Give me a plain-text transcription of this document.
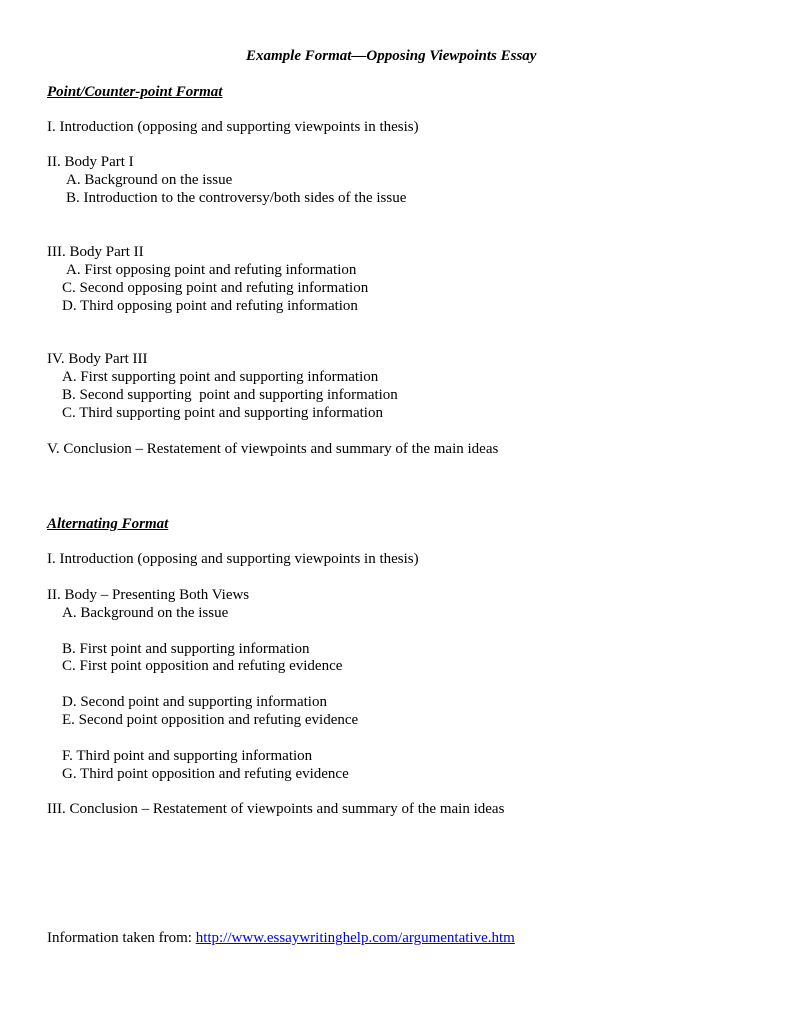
Example Format—Opposing Viewpoints Essay

Point/Counter-point Format

I. Introduction (opposing and supporting viewpoints in thesis)

II. Body Part I

A. Background on the issue

B. Introduction to the controversy/both sides of the issue

III. Body Part II

A. First opposing point and refuting information

C. Second opposing point and refuting information

D. Third opposing point and refuting information

IV. Body Part III

A. First supporting point and supporting information

B. Second supporting  point and supporting information

C. Third supporting point and supporting information

V. Conclusion – Restatement of viewpoints and summary of the main ideas

Alternating Format

I. Introduction (opposing and supporting viewpoints in thesis)

II. Body – Presenting Both Views

A. Background on the issue

B. First point and supporting information

C. First point opposition and refuting evidence

D. Second point and supporting information

E. Second point opposition and refuting evidence

F. Third point and supporting information

G. Third point opposition and refuting evidence

III. Conclusion – Restatement of viewpoints and summary of the main ideas

Information taken from: http://www.essaywritinghelp.com/argumentative.htm
